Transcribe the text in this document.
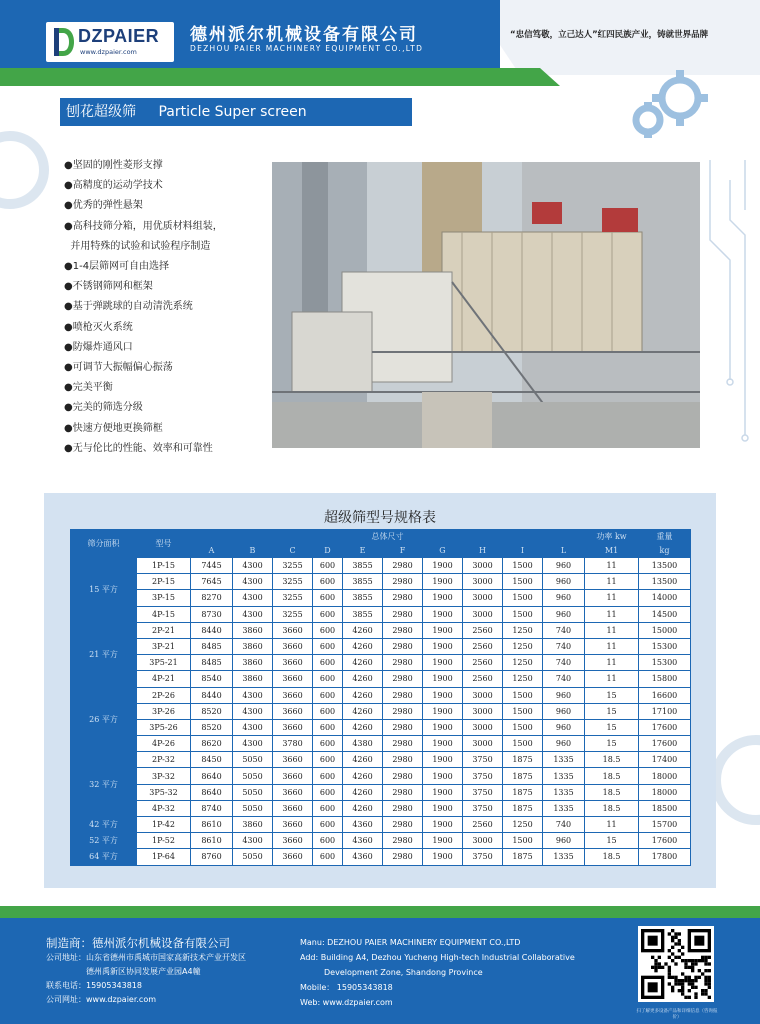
DZPAIER
www.dzpaier.com
德州派尔机械设备有限公司
DEZHOU PAIER MACHINERY EQUIPMENT CO.,LTD
“忠信笃敬，立己达人”红四民族产业，铸就世界品牌
刨花超级筛 Particle Super screen
●坚固的刚性菱形支撑
●高精度的运动学技术
●优秀的弹性悬架
●高科技筛分箱，用优质材料组装，
并用特殊的试验和试验程序制造
●1-4层筛网可自由选择
●不锈钢筛网和框架
●基于弹跳球的自动清洗系统
●喷枪灭火系统
●防爆炸通风口
●可调节大振幅偏心振荡
●完美平衡
●完美的筛选分级
●快速方便地更换筛框
●无与伦比的性能、效率和可靠性
超级筛型号规格表
筛分面积	型号	总体尺寸										功率 kw	重量
		A	B	C	D	E	F	G	H	I	L	M1	kg
15 平方	1P-15	7445	4300	3255	600	3855	2980	1900	3000	1500	960	11	13500
	2P-15	7645	4300	3255	600	3855	2980	1900	3000	1500	960	11	13500
	3P-15	8270	4300	3255	600	3855	2980	1900	3000	1500	960	11	14000
	4P-15	8730	4300	3255	600	3855	2980	1900	3000	1500	960	11	14500
21 平方	2P-21	8440	3860	3660	600	4260	2980	1900	2560	1250	740	11	15000
	3P-21	8485	3860	3660	600	4260	2980	1900	2560	1250	740	11	15300
	3P5-21	8485	3860	3660	600	4260	2980	1900	2560	1250	740	11	15300
	4P-21	8540	3860	3660	600	4260	2980	1900	2560	1250	740	11	15800
26 平方	2P-26	8440	4300	3660	600	4260	2980	1900	3000	1500	960	15	16600
	3P-26	8520	4300	3660	600	4260	2980	1900	3000	1500	960	15	17100
	3P5-26	8520	4300	3660	600	4260	2980	1900	3000	1500	960	15	17600
	4P-26	8620	4300	3780	600	4380	2980	1900	3000	1500	960	15	17600
32 平方	2P-32	8450	5050	3660	600	4260	2980	1900	3750	1875	1335	18.5	17400
	3P-32	8640	5050	3660	600	4260	2980	1900	3750	1875	1335	18.5	18000
	3P5-32	8640	5050	3660	600	4260	2980	1900	3750	1875	1335	18.5	18000
	4P-32	8740	5050	3660	600	4260	2980	1900	3750	1875	1335	18.5	18500
42 平方	1P-42	8610	3860	3660	600	4360	2980	1900	2560	1250	740	11	15700
52 平方	1P-52	8610	4300	3660	600	4360	2980	1900	3000	1500	960	15	17600
64 平方	1P-64	8760	5050	3660	600	4360	2980	1900	3750	1875	1335	18.5	17800
制造商：德州派尔机械设备有限公司
公司地址：山东省德州市禹城市国家高新技术产业开发区
德州禹新区协同发展产业园A4幢
联系电话：15905343818
公司网址：www.dzpaier.com
Manu: DEZHOU PAIER MACHINERY EQUIPMENT CO.,LTD
Add: Building A4, Dezhou Yucheng High-tech Industrial Collaborative
Development Zone, Shandong Province
Mobile： 15905343818
Web: www.dzpaier.com
扫了解更多设备产品和详细信息（咨询报价）
